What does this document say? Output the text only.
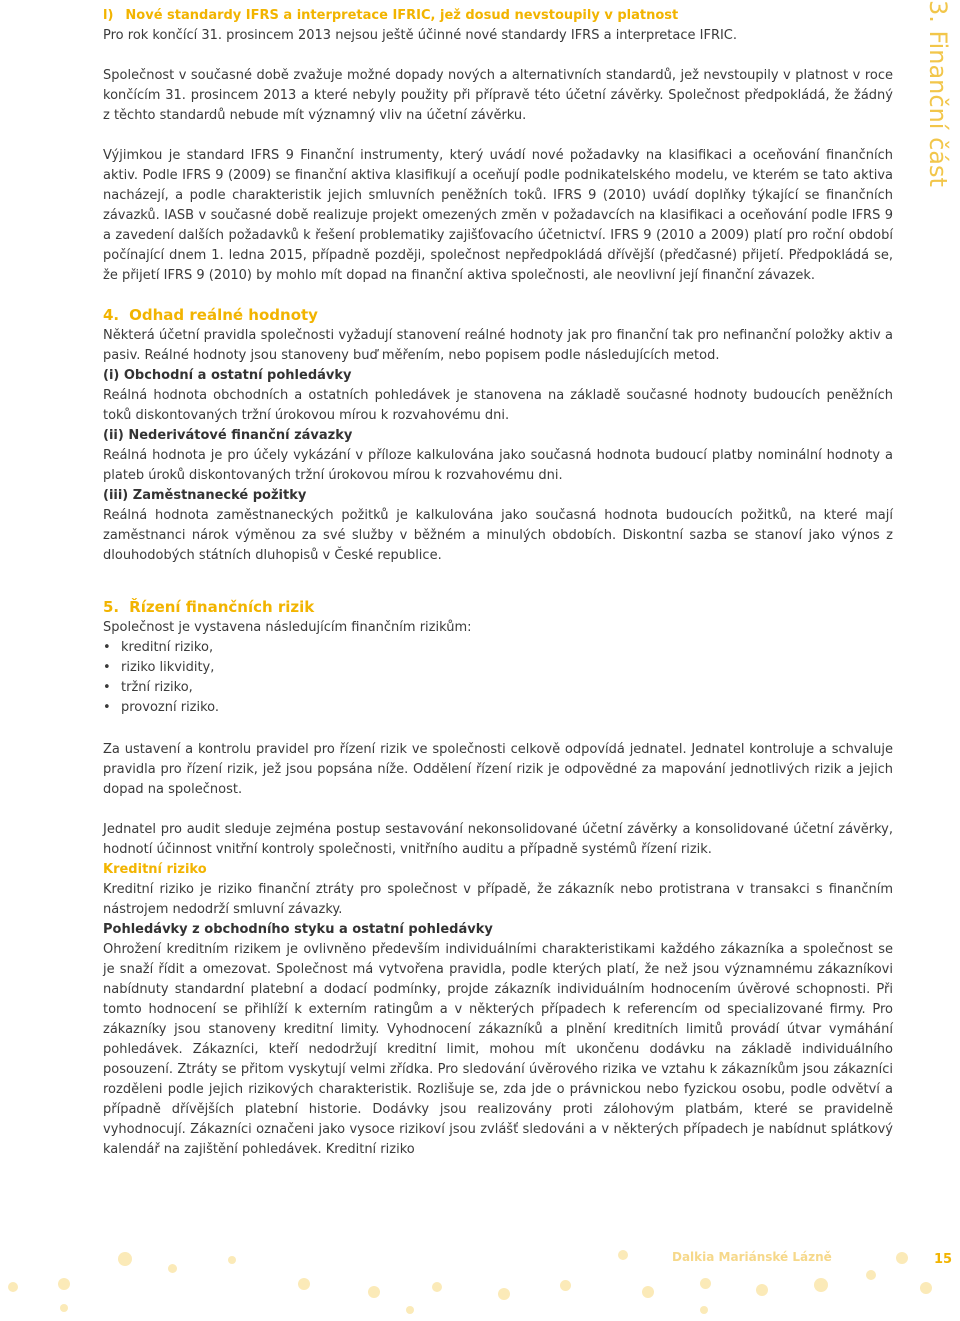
3. Finanční část
l) Nové standardy IFRS a interpretace IFRIC, jež dosud nevstoupily v platnost

Pro rok končící 31. prosincem 2013 nejsou ještě účinné nové standardy IFRS a interpretace IFRIC.

Společnost v současné době zvažuje možné dopady nových a alternativních standardů, jež nevstoupily v platnost v roce končícím 31. prosincem 2013 a které nebyly použity při přípravě této účetní závěrky. Společnost předpokládá, že žádný z těchto standardů nebude mít významný vliv na účetní závěrku.

Výjimkou je standard IFRS 9 Finanční instrumenty, který uvádí nové požadavky na klasifikaci a oceňování finančních aktiv. Podle IFRS 9 (2009) se finanční aktiva klasifikují a oceňují podle podnikatelského modelu, ve kterém se tato aktiva nacházejí, a podle charakteristik jejich smluvních peněžních toků. IFRS 9 (2010) uvádí doplňky týkající se finančních závazků. IASB v současné době realizuje projekt omezených změn v požadavcích na klasifikaci a oceňování podle IFRS 9 a zavedení dalších požadavků k řešení problematiky zajišťovacího účetnictví. IFRS 9 (2010 a 2009) platí pro roční období počínající dnem 1. ledna 2015, případně později, společnost nepředpokládá dřívější (předčasné) přijetí. Předpokládá se, že přijetí IFRS 9 (2010) by mohlo mít dopad na finanční aktiva společnosti, ale neovlivní její finanční závazek.

4. Odhad reálné hodnoty

Některá účetní pravidla společnosti vyžadují stanovení reálné hodnoty jak pro finanční tak pro nefinanční položky aktiv a pasiv. Reálné hodnoty jsou stanoveny buď měřením, nebo popisem podle následujících metod.

(i) Obchodní a ostatní pohledávky

Reálná hodnota obchodních a ostatních pohledávek je stanovena na základě současné hodnoty budoucích peněžních toků diskontovaných tržní úrokovou mírou k rozvahovému dni.

(ii) Nederivátové finanční závazky

Reálná hodnota je pro účely vykázání v příloze kalkulována jako současná hodnota budoucí platby nominální hodnoty a plateb úroků diskontovaných tržní úrokovou mírou k rozvahovému dni.

(iii) Zaměstnanecké požitky

Reálná hodnota zaměstnaneckých požitků je kalkulována jako současná hodnota budoucích požitků, na které mají zaměstnanci nárok výměnou za své služby v běžném a minulých obdobích. Diskontní sazba se stanoví jako výnos z dlouhodobých státních dluhopisů v České republice.

5. Řízení finančních rizik

Společnost je vystavena následujícím finančním rizikům:

• kreditní riziko,
• riziko likvidity,
• tržní riziko,
• provozní riziko.

Za ustavení a kontrolu pravidel pro řízení rizik ve společnosti celkově odpovídá jednatel. Jednatel kontroluje a schvaluje pravidla pro řízení rizik, jež jsou popsána níže. Oddělení řízení rizik je odpovědné za mapování jednotlivých rizik a jejich dopad na společnost.

Jednatel pro audit sleduje zejména postup sestavování nekonsolidované účetní závěrky a konsolidované účetní závěrky, hodnotí účinnost vnitřní kontroly společnosti, vnitřního auditu a případně systémů řízení rizik.

Kreditní riziko

Kreditní riziko je riziko finanční ztráty pro společnost v případě, že zákazník nebo protistrana v transakci s finančním nástrojem nedodrží smluvní závazky.

Pohledávky z obchodního styku a ostatní pohledávky

Ohrožení kreditním rizikem je ovlivněno především individuálními charakteristikami každého zákazníka a společnost se je snaží řídit a omezovat. Společnost má vytvořena pravidla, podle kterých platí, že než jsou významnému zákazníkovi nabídnuty standardní platební a dodací podmínky, projde zákazník individuálním hodnocením úvěrové schopnosti. Při tomto hodnocení se přihlíží k externím ratingům a v některých případech k referencím od specializované firmy. Pro zákazníky jsou stanoveny kreditní limity. Vyhodnocení zákazníků a plnění kreditních limitů provádí útvar vymáhání pohledávek. Zákazníci, kteří nedodržují kreditní limit, mohou mít ukončenu dodávku na základě individuálního posouzení. Ztráty se přitom vyskytují velmi zřídka. Pro sledování úvěrového rizika ve vztahu k zákazníkům jsou zákazníci rozděleni podle jejich rizikových charakteristik. Rozlišuje se, zda jde o právnickou nebo fyzickou osobu, podle odvětví a případně dřívějších platební historie. Dodávky jsou realizovány proti zálohovým platbám, které se pravidelně vyhodnocují. Zákazníci označeni jako vysoce rizikoví jsou zvlášť sledováni a v některých případech je nabídnut splátkový kalendář na zajištění pohledávek. Kreditní riziko

Dalkia Mariánské Lázně	15
